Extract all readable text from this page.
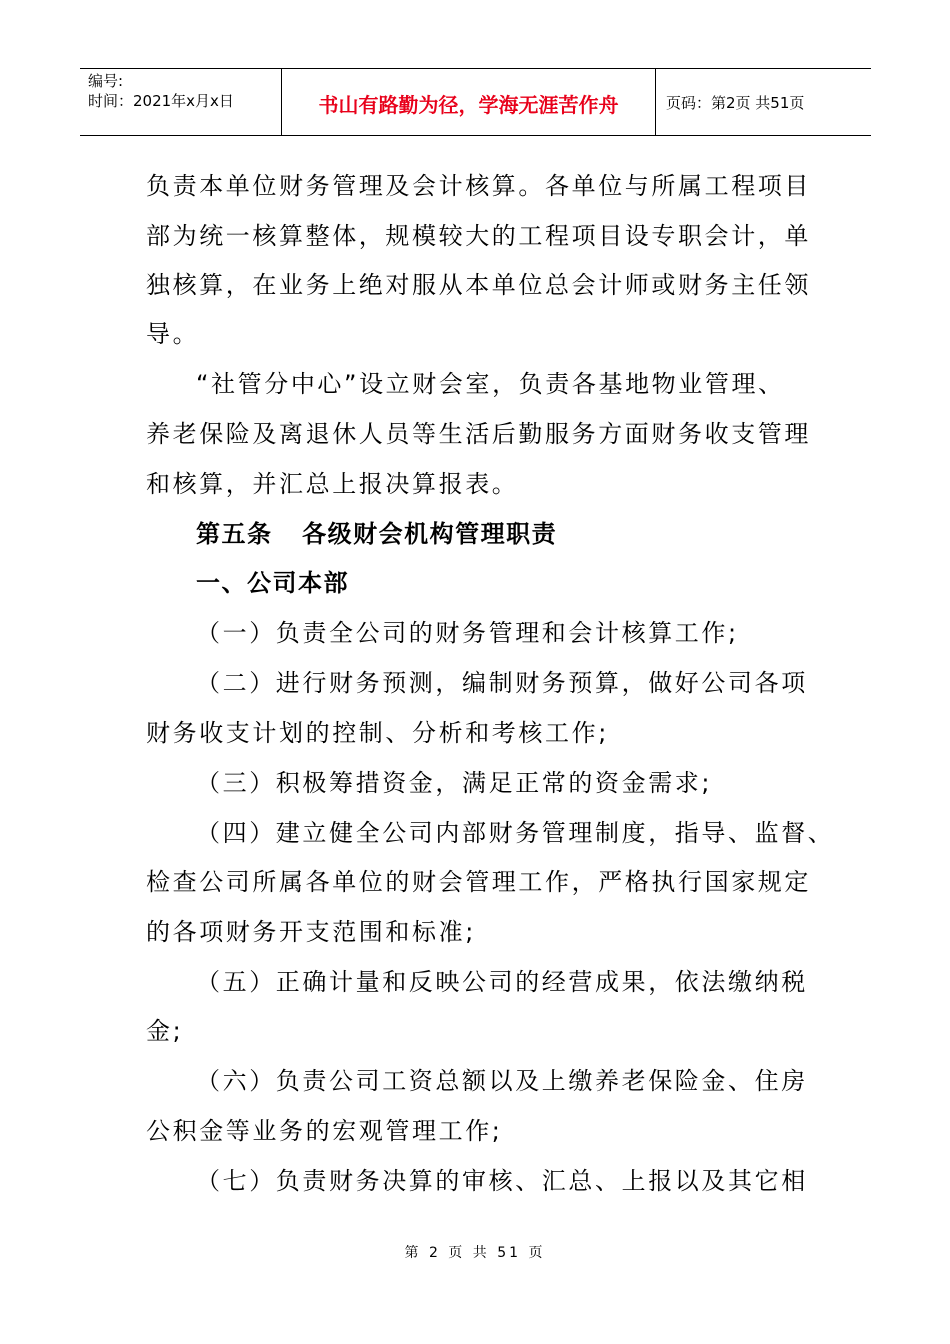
编号:
时间：2021年x月x日	书山有路勤为径，学海无涯苦作舟	页码：第2页 共51页
负责本单位财务管理及会计核算。各单位与所属工程项目
部为统一核算整体，规模较大的工程项目设专职会计，单
独核算，在业务上绝对服从本单位总会计师或财务主任领
导。
“社管分中心”设立财会室，负责各基地物业管理、
养老保险及离退休人员等生活后勤服务方面财务收支管理
和核算，并汇总上报决算报表。
第五条   各级财会机构管理职责
一、公司本部
（一）负责全公司的财务管理和会计核算工作;
（二）进行财务预测，编制财务预算，做好公司各项
财务收支计划的控制、分析和考核工作;
（三）积极筹措资金，满足正常的资金需求;
（四）建立健全公司内部财务管理制度，指导、监督、
检查公司所属各单位的财会管理工作，严格执行国家规定
的各项财务开支范围和标准;
（五）正确计量和反映公司的经营成果，依法缴纳税
金;
（六）负责公司工资总额以及上缴养老保险金、住房
公积金等业务的宏观管理工作;
（七）负责财务决算的审核、汇总、上报以及其它相
第 2 页 共 51 页
